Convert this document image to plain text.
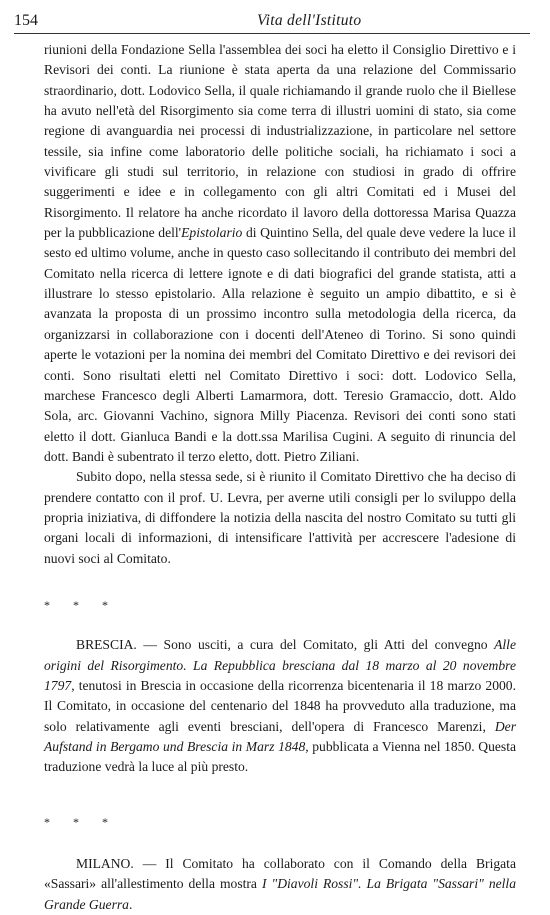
154	Vita dell'Istituto

riunioni della Fondazione Sella l'assemblea dei soci ha eletto il Consiglio Direttivo e i Revisori dei conti. La riunione è stata aperta da una relazione del Commissario straordinario, dott. Lodovico Sella, il quale richiamando il grande ruolo che il Biellese ha avuto nell'età del Risorgimento sia come terra di illustri uomini di stato, sia come regione di avanguardia nei processi di industrializzazione, in particolare nel settore tessile, sia infine come laboratorio delle politiche sociali, ha richiamato i soci a vivificare gli studi sul territorio, in relazione con studiosi in grado di offrire suggerimenti e idee e in collegamento con gli altri Comitati ed i Musei del Risorgimento. Il relatore ha anche ricordato il lavoro della dottoressa Marisa Quazza per la pubblicazione dell'Epistolario di Quintino Sella, del quale deve vedere la luce il sesto ed ultimo volume, anche in questo caso sollecitando il contributo dei membri del Comitato nella ricerca di lettere ignote e di dati biografici del grande statista, atti a illustrare lo stesso epistolario. Alla relazione è seguito un ampio dibattito, e si è avanzata la proposta di un prossimo incontro sulla metodologia della ricerca, da organizzarsi in collaborazione con i docenti dell'Ateneo di Torino. Si sono quindi aperte le votazioni per la nomina dei membri del Comitato Direttivo e dei revisori dei conti. Sono risultati eletti nel Comitato Direttivo i soci: dott. Lodovico Sella, marchese Francesco degli Alberti Lamarmora, dott. Teresio Gramaccio, dott. Aldo Sola, arc. Giovanni Vachino, signora Milly Piacenza. Revisori dei conti sono stati eletto il dott. Gianluca Bandi e la dott.ssa Marilisa Cugini. A seguito di rinuncia del dott. Bandi è subentrato il terzo eletto, dott. Pietro Ziliani.

Subito dopo, nella stessa sede, si è riunito il Comitato Direttivo che ha deciso di prendere contatto con il prof. U. Levra, per averne utili consigli per lo sviluppo della propria iniziativa, di diffondere la notizia della nascita del nostro Comitato su tutti gli organi locali di informazioni, di intensificare l'attività per accrescere l'adesione di nuovi soci al Comitato.

* * *

BRESCIA. — Sono usciti, a cura del Comitato, gli Atti del convegno Alle origini del Risorgimento. La Repubblica bresciana dal 18 marzo al 20 novembre 1797, tenutosi in Brescia in occasione della ricorrenza bicentenaria il 18 marzo 2000. Il Comitato, in occasione del centenario del 1848 ha provveduto alla traduzione, ma solo relativamente agli eventi bresciani, dell'opera di Francesco Marenzi, Der Aufstand in Bergamo und Brescia in Marz 1848, pubblicata a Vienna nel 1850. Questa traduzione vedrà la luce al più presto.

* * *

MILANO. — Il Comitato ha collaborato con il Comando della Brigata «Sassari» all'allestimento della mostra I "Diavoli Rossi". La Brigata "Sassari" nella Grande Guerra.
